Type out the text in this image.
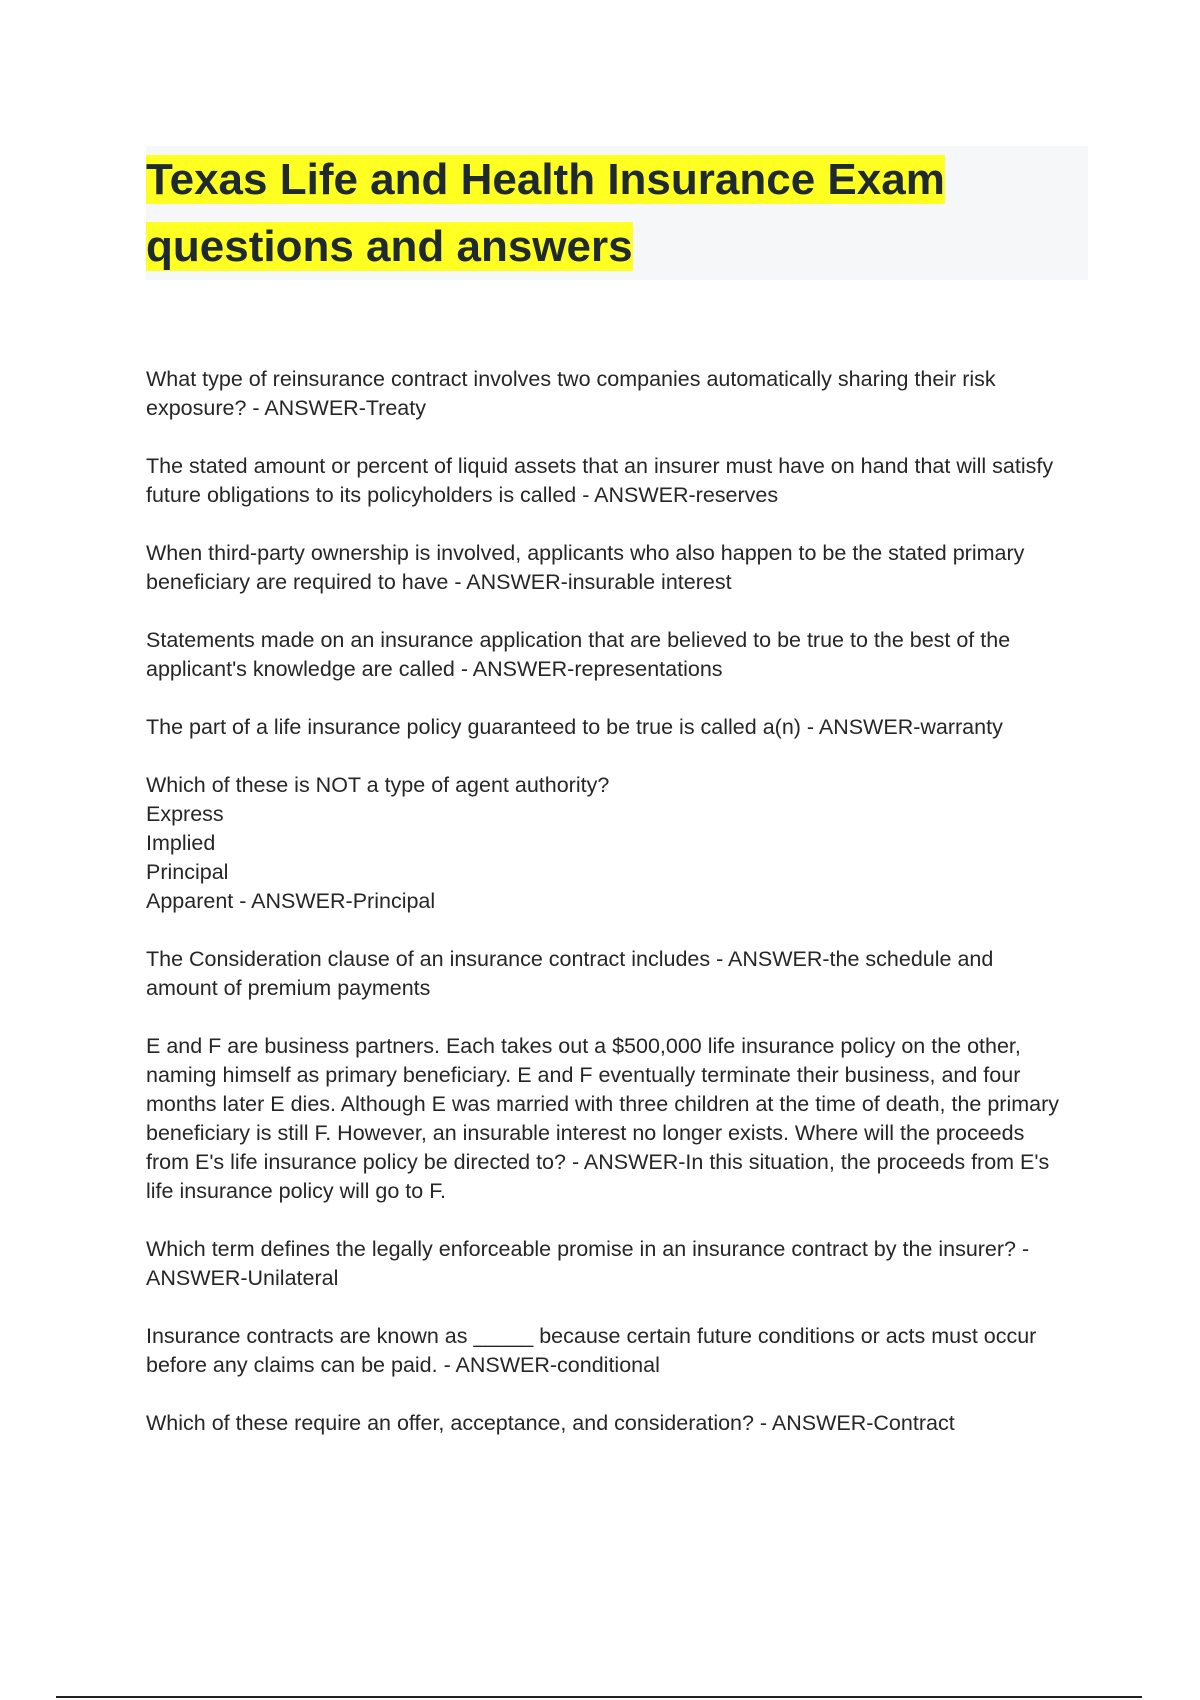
Texas Life and Health Insurance Exam
questions and answers

What type of reinsurance contract involves two companies automatically sharing their risk
exposure? - ANSWER-Treaty

The stated amount or percent of liquid assets that an insurer must have on hand that will satisfy
future obligations to its policyholders is called - ANSWER-reserves

When third-party ownership is involved, applicants who also happen to be the stated primary
beneficiary are required to have - ANSWER-insurable interest

Statements made on an insurance application that are believed to be true to the best of the
applicant's knowledge are called - ANSWER-representations

The part of a life insurance policy guaranteed to be true is called a(n) - ANSWER-warranty

Which of these is NOT a type of agent authority?
Express
Implied
Principal
Apparent - ANSWER-Principal

The Consideration clause of an insurance contract includes - ANSWER-the schedule and
amount of premium payments

E and F are business partners. Each takes out a $500,000 life insurance policy on the other,
naming himself as primary beneficiary. E and F eventually terminate their business, and four
months later E dies. Although E was married with three children at the time of death, the primary
beneficiary is still F. However, an insurable interest no longer exists. Where will the proceeds
from E's life insurance policy be directed to? - ANSWER-In this situation, the proceeds from E's
life insurance policy will go to F.

Which term defines the legally enforceable promise in an insurance contract by the insurer? -
ANSWER-Unilateral

Insurance contracts are known as _____ because certain future conditions or acts must occur
before any claims can be paid. - ANSWER-conditional

Which of these require an offer, acceptance, and consideration? - ANSWER-Contract
